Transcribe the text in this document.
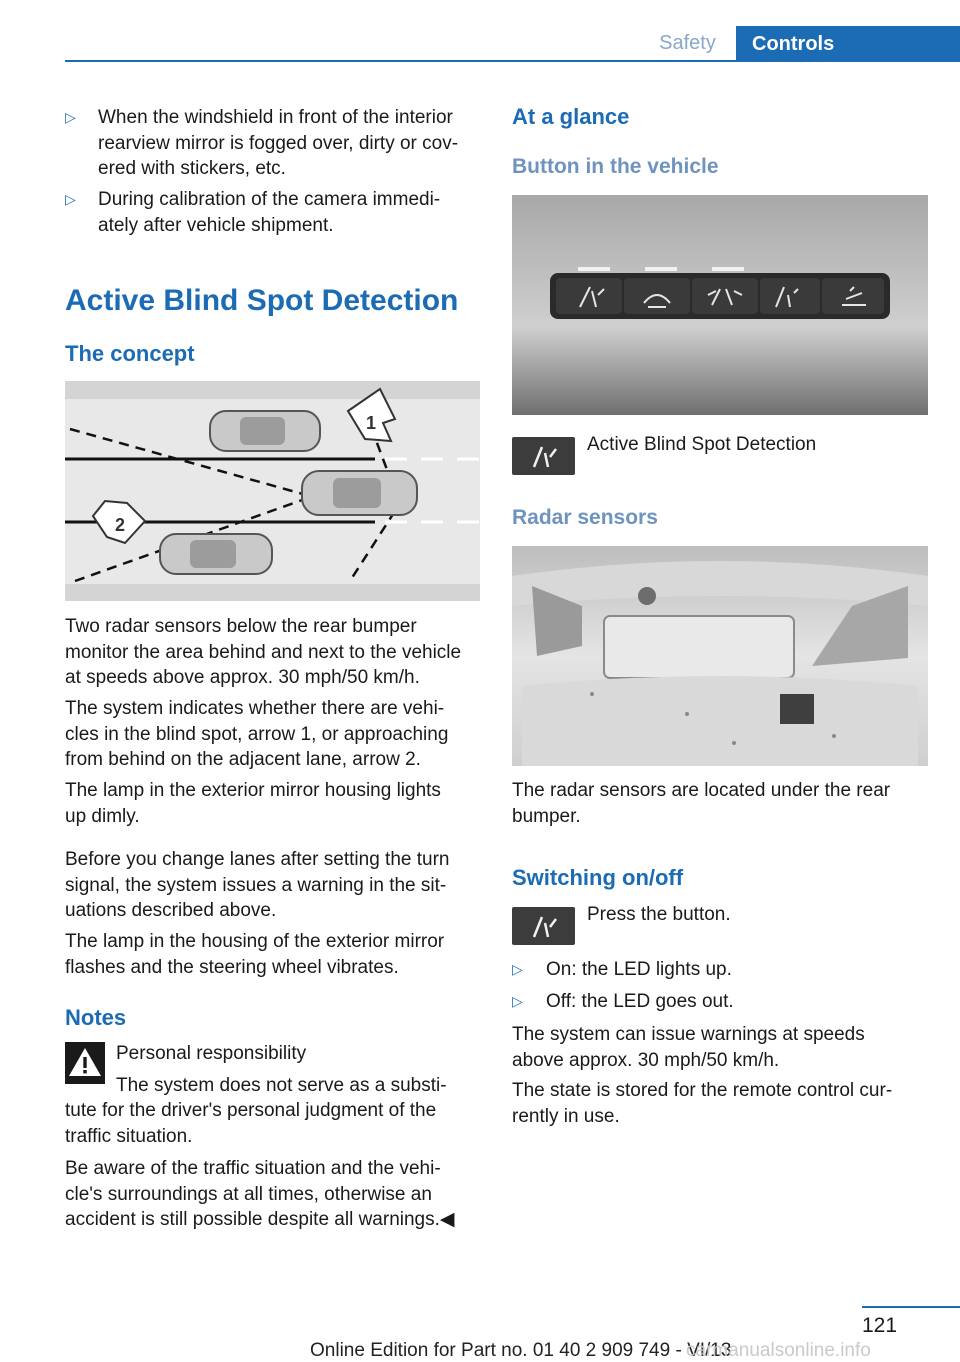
Safety	Controls
▷ When the windshield in front of the interior
rearview mirror is fogged over, dirty or cov‐
ered with stickers, etc.
▷ During calibration of the camera immedi‐
ately after vehicle shipment.
Active Blind Spot Detection
The concept
1
2
Two radar sensors below the rear bumper
monitor the area behind and next to the vehicle
at speeds above approx. 30 mph/50 km/h.
The system indicates whether there are vehi‐
cles in the blind spot, arrow 1, or approaching
from behind on the adjacent lane, arrow 2.
The lamp in the exterior mirror housing lights
up dimly.
Before you change lanes after setting the turn
signal, the system issues a warning in the sit‐
uations described above.
The lamp in the housing of the exterior mirror
flashes and the steering wheel vibrates.
Notes
Personal responsibility
The system does not serve as a substi‐
tute for the driver's personal judgment of the
traffic situation.
Be aware of the traffic situation and the vehi‐
cle's surroundings at all times, otherwise an
accident is still possible despite all warnings.◀
At a glance
Button in the vehicle
Active Blind Spot Detection
Radar sensors
The radar sensors are located under the rear
bumper.
Switching on/off
Press the button.
▷ On: the LED lights up.
▷ Off: the LED goes out.
The system can issue warnings at speeds
above approx. 30 mph/50 km/h.
The state is stored for the remote control cur‐
rently in use.
121
Online Edition for Part no. 01 40 2 909 749 - VI/13
carmanualsonline.info
